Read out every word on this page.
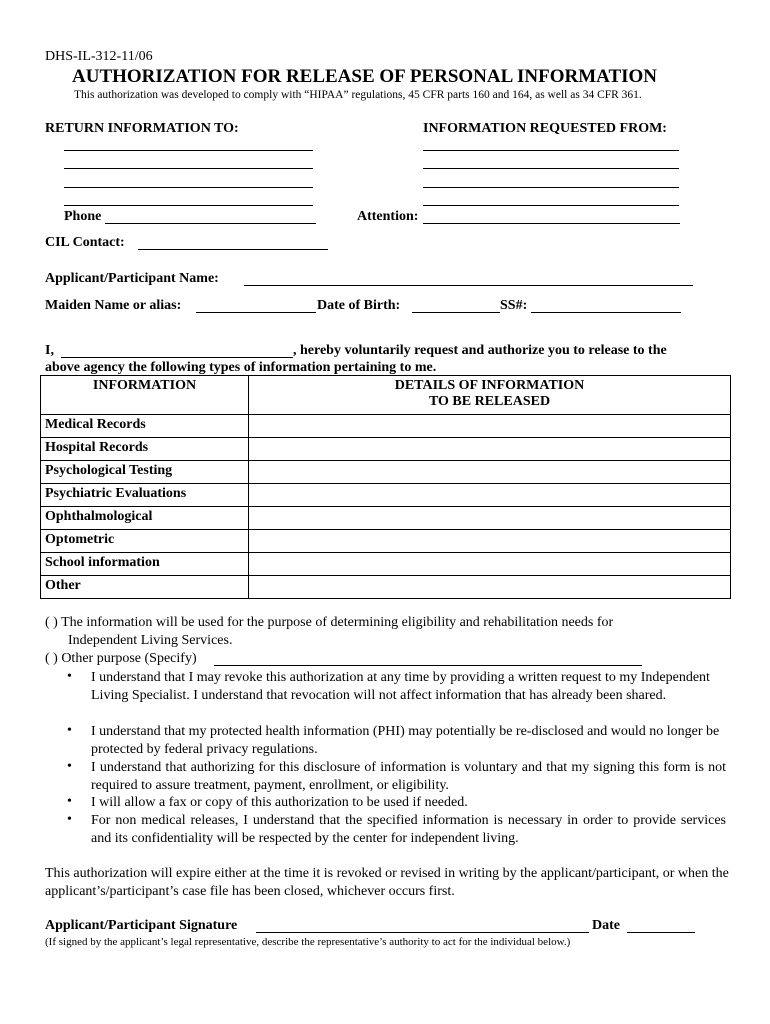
DHS-IL-312-11/06
AUTHORIZATION FOR RELEASE OF PERSONAL INFORMATION
This authorization was developed to comply with “HIPAA” regulations, 45 CFR parts 160 and 164, as well as 34 CFR 361.
RETURN INFORMATION TO:	INFORMATION REQUESTED FROM:
Phone	Attention:
CIL Contact:
Applicant/Participant Name:
Maiden Name or alias:	Date of Birth:	SS#:
I,	, hereby voluntarily request and authorize you to release to the
above agency the following types of information pertaining to me.
INFORMATION	DETAILS OF INFORMATION
TO BE RELEASED
Medical Records	
Hospital Records	
Psychological Testing	
Psychiatric Evaluations	
Ophthalmological	
Optometric	
School information	
Other	
( ) The information will be used for the purpose of determining eligibility and rehabilitation needs for
Independent Living Services.
( ) Other purpose (Specify)
• I understand that I may revoke this authorization at any time by providing a written request to my Independent Living Specialist. I understand that revocation will not affect information that has already been shared.
• I understand that my protected health information (PHI) may potentially be re-disclosed and would no longer be protected by federal privacy regulations.
• I understand that authorizing for this disclosure of information is voluntary and that my signing this form is not required to assure treatment, payment, enrollment, or eligibility.
• I will allow a fax or copy of this authorization to be used if needed.
• For non medical releases, I understand that the specified information is necessary in order to provide services and its confidentiality will be respected by the center for independent living.
This authorization will expire either at the time it is revoked or revised in writing by the applicant/participant, or when the applicant’s/participant’s case file has been closed, whichever occurs first.
Applicant/Participant Signature	Date
(If signed by the applicant’s legal representative, describe the representative’s authority to act for the individual below.)
